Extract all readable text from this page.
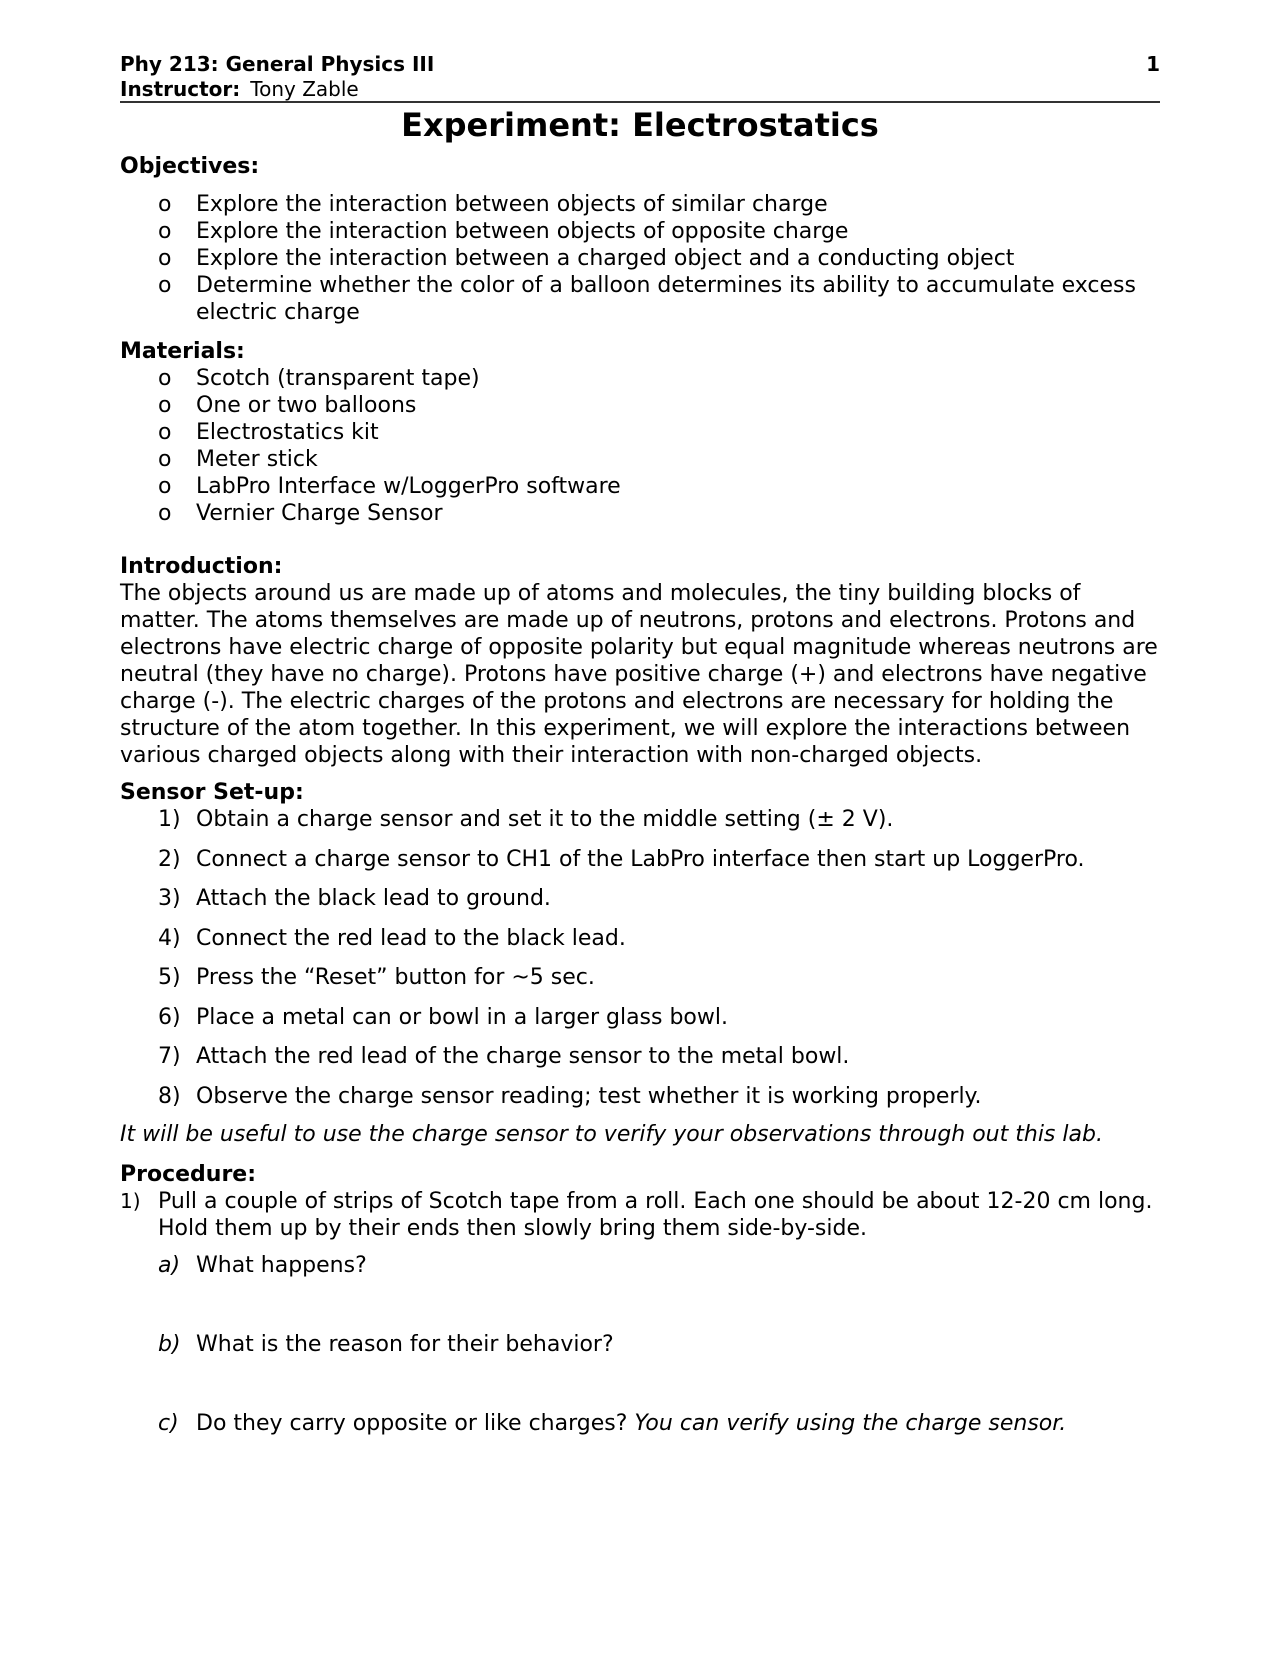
Phy 213: General Physics III	1
Instructor: Tony Zable
Experiment: Electrostatics
Objectives:
o Explore the interaction between objects of similar charge
o Explore the interaction between objects of opposite charge
o Explore the interaction between a charged object and a conducting object
o Determine whether the color of a balloon determines its ability to accumulate excess electric charge
Materials:
o Scotch (transparent tape)
o One or two balloons
o Electrostatics kit
o Meter stick
o LabPro Interface w/LoggerPro software
o Vernier Charge Sensor
Introduction:

The objects around us are made up of atoms and molecules, the tiny building blocks of matter. The atoms themselves are made up of neutrons, protons and electrons. Protons and electrons have electric charge of opposite polarity but equal magnitude whereas neutrons are neutral (they have no charge). Protons have positive charge (+) and electrons have negative charge (-). The electric charges of the protons and electrons are necessary for holding the structure of the atom together. In this experiment, we will explore the interactions between various charged objects along with their interaction with non-charged objects.

Sensor Set-up:
1) Obtain a charge sensor and set it to the middle setting (± 2 V).
2) Connect a charge sensor to CH1 of the LabPro interface then start up LoggerPro.
3) Attach the black lead to ground.
4) Connect the red lead to the black lead.
5) Press the “Reset” button for ~5 sec.
6) Place a metal can or bowl in a larger glass bowl.
7) Attach the red lead of the charge sensor to the metal bowl.
8) Observe the charge sensor reading; test whether it is working properly.

It will be useful to use the charge sensor to verify your observations through out this lab.

Procedure:
1) Pull a couple of strips of Scotch tape from a roll. Each one should be about 12-20 cm long. Hold them up by their ends then slowly bring them side-by-side.
a) What happens?
b) What is the reason for their behavior?
c) Do they carry opposite or like charges? You can verify using the charge sensor.
